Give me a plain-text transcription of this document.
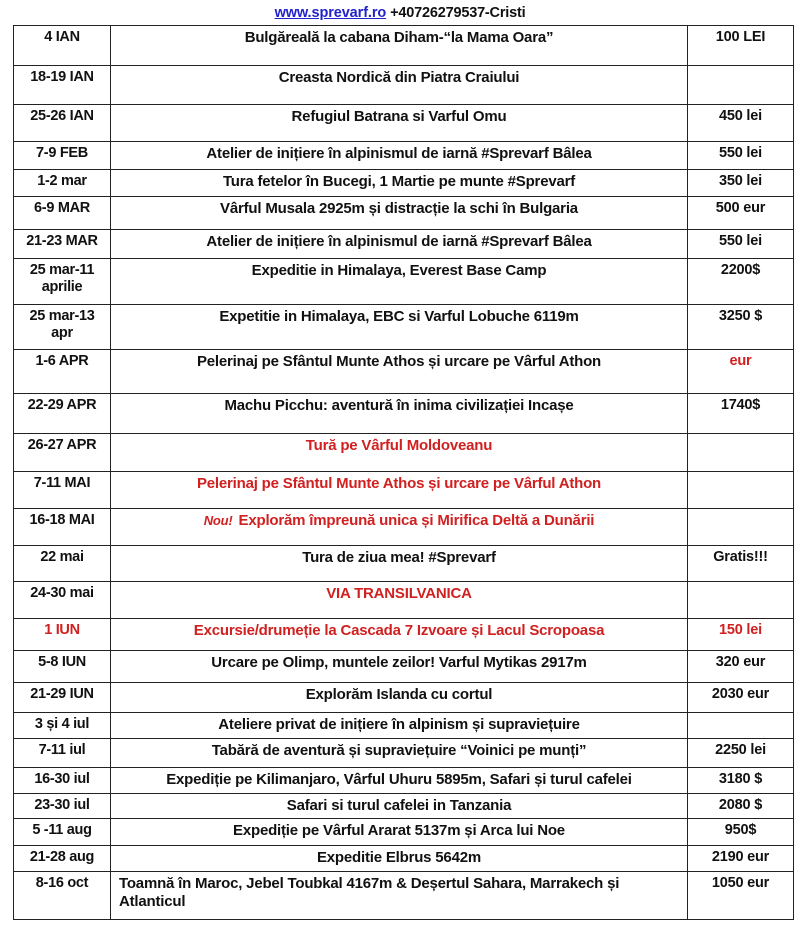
www.sprevarf.ro +40726279537-Cristi
4 IAN	Bulgăreală la cabana Diham-“la Mama Oara”	100 LEI
18-19 IAN	Creasta Nordică din Piatra Craiului	
25-26 IAN	Refugiul Batrana si Varful Omu	450 lei
7-9 FEB	Atelier de inițiere în alpinismul de iarnă #Sprevarf Bâlea	550 lei
1-2 mar	Tura fetelor în Bucegi, 1 Martie pe munte #Sprevarf	350 lei
6-9 MAR	Vârful Musala 2925m și distracție la schi în Bulgaria	500 eur
21-23 MAR	Atelier de inițiere în alpinismul de iarnă #Sprevarf Bâlea	550 lei
25 mar-11 aprilie	Expeditie in Himalaya, Everest Base Camp	2200$
25 mar-13 apr	Expetitie in Himalaya, EBC si Varful Lobuche 6119m	3250 $
1-6 APR	Pelerinaj pe Sfântul Munte Athos și urcare pe Vârful Athon	eur
22-29 APR	Machu Picchu: aventură în inima civilizației Incașe	1740$
26-27 APR	Tură pe Vârful Moldoveanu	
7-11 MAI	Pelerinaj pe Sfântul Munte Athos și urcare pe Vârful Athon	
16-18 MAI	Nou! Explorăm împreună unica și Mirifica Deltă a Dunării	
22 mai	Tura de ziua mea! #Sprevarf	Gratis!!!
24-30 mai	VIA TRANSILVANICA	
1 IUN	Excursie/drumeție la Cascada 7 Izvoare și Lacul Scropoasa	150 lei
5-8 IUN	Urcare pe Olimp, muntele zeilor! Varful Mytikas 2917m	320 eur
21-29 IUN	Explorăm Islanda cu cortul	2030 eur
3 și 4 iul	Ateliere privat de inițiere în alpinism și supraviețuire	
7-11 iul	Tabără de aventură și supraviețuire “Voinici pe munți”	2250 lei
16-30 iul	Expediție pe Kilimanjaro, Vârful Uhuru 5895m, Safari și turul cafelei	3180 $
23-30 iul	Safari si turul cafelei in Tanzania	2080 $
5 -11 aug	Expediție pe Vârful Ararat 5137m și Arca lui Noe	950$
21-28 aug	Expeditie Elbrus 5642m	2190 eur
8-16 oct	Toamnă în Maroc, Jebel Toubkal 4167m & Deșertul Sahara, Marrakech și Atlanticul	1050 eur
